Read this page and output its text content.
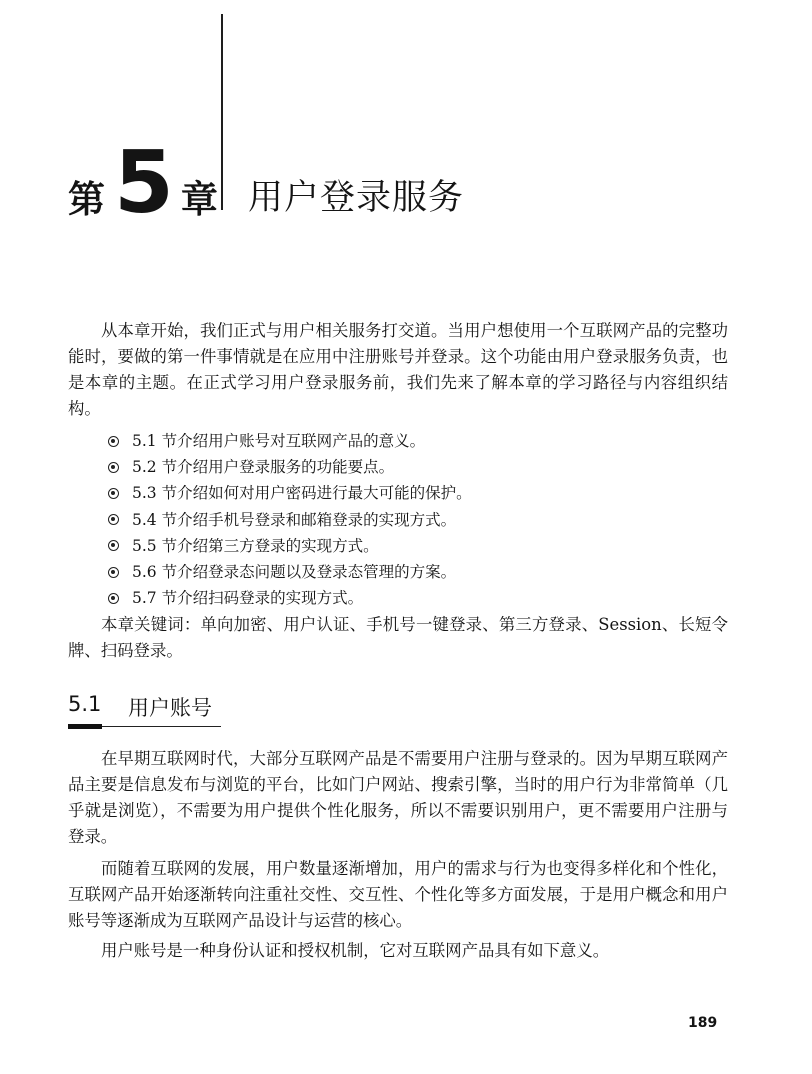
第 5 章 用户登录服务

从本章开始，我们正式与用户相关服务打交道。当用户想使用一个互联网产品的完整功能时，要做的第一件事情就是在应用中注册账号并登录。这个功能由用户登录服务负责，也是本章的主题。在正式学习用户登录服务前，我们先来了解本章的学习路径与内容组织结构。

5.1 节介绍用户账号对互联网产品的意义。
5.2 节介绍用户登录服务的功能要点。
5.3 节介绍如何对用户密码进行最大可能的保护。
5.4 节介绍手机号登录和邮箱登录的实现方式。
5.5 节介绍第三方登录的实现方式。
5.6 节介绍登录态问题以及登录态管理的方案。
5.7 节介绍扫码登录的实现方式。

本章关键词：单向加密、用户认证、手机号一键登录、第三方登录、Session、长短令牌、扫码登录。

5.1	用户账号

在早期互联网时代，大部分互联网产品是不需要用户注册与登录的。因为早期互联网产品主要是信息发布与浏览的平台，比如门户网站、搜索引擎，当时的用户行为非常简单（几乎就是浏览），不需要为用户提供个性化服务，所以不需要识别用户，更不需要用户注册与登录。

而随着互联网的发展，用户数量逐渐增加，用户的需求与行为也变得多样化和个性化，互联网产品开始逐渐转向注重社交性、交互性、个性化等多方面发展，于是用户概念和用户账号等逐渐成为互联网产品设计与运营的核心。

用户账号是一种身份认证和授权机制，它对互联网产品具有如下意义。

189
